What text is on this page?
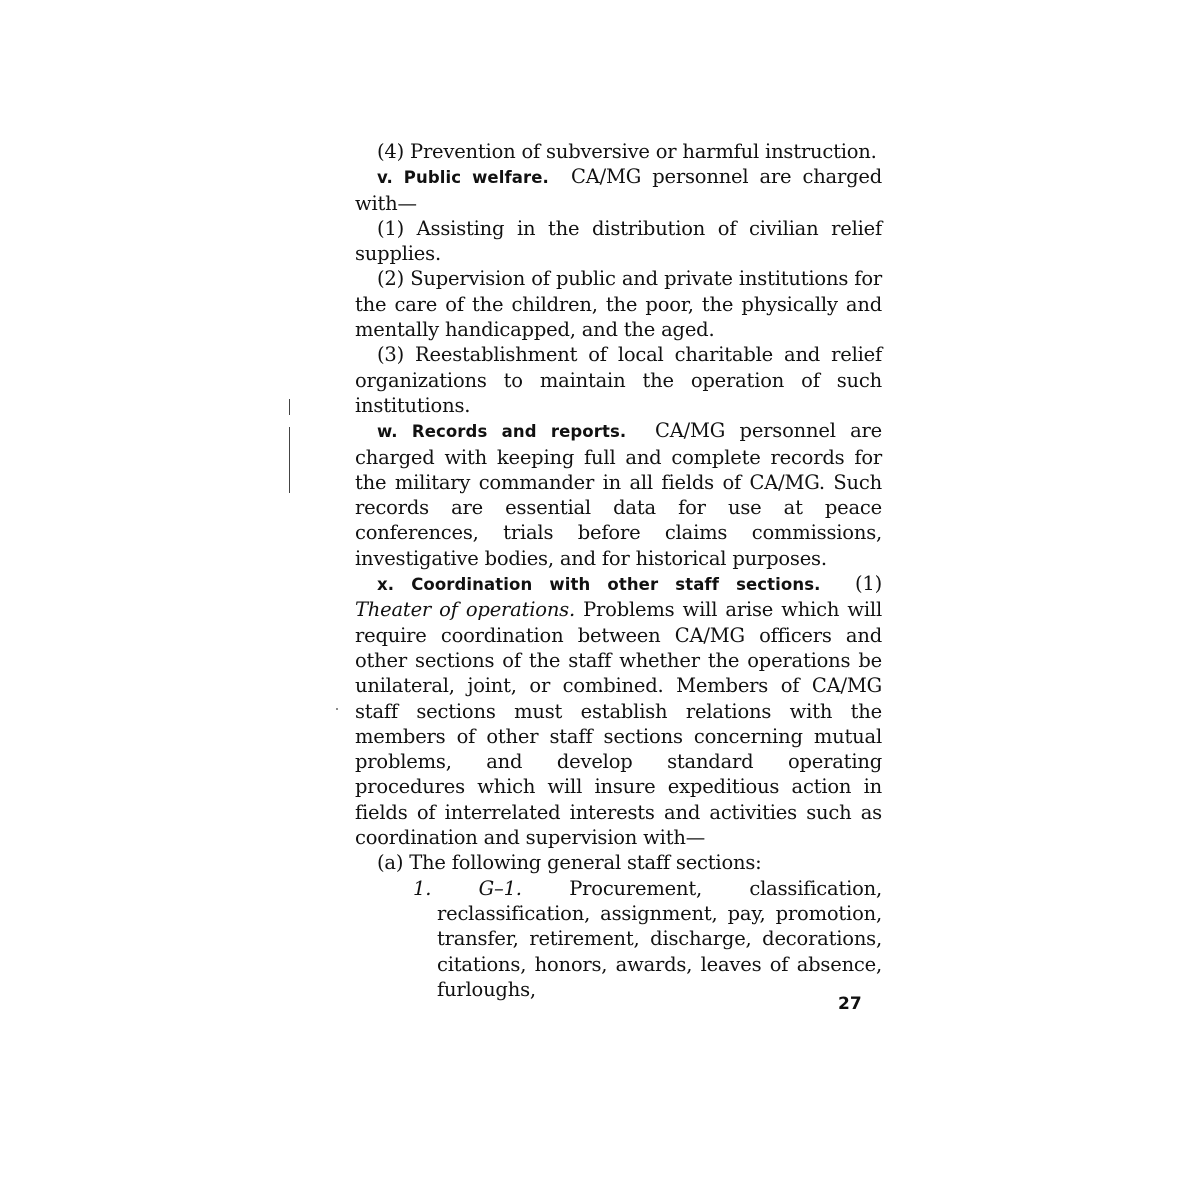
(4) Prevention of subversive or harmful instruction.

v. Public welfare. CA/MG personnel are charged with—

(1) Assisting in the distribution of civilian relief supplies.

(2) Supervision of public and private institutions for the care of the children, the poor, the physically and mentally handicapped, and the aged.

(3) Reestablishment of local charitable and relief organizations to maintain the operation of such institutions.

w. Records and reports. CA/MG personnel are charged with keeping full and complete records for the military commander in all fields of CA/MG. Such records are essential data for use at peace conferences, trials before claims commissions, investigative bodies, and for historical purposes.

x. Coordination with other staff sections. (1) Theater of operations. Problems will arise which will require coordination between CA/MG officers and other sections of the staff whether the operations be unilateral, joint, or combined. Members of CA/MG staff sections must establish relations with the members of other staff sections concerning mutual problems, and develop standard operating procedures which will insure expeditious action in fields of interrelated interests and activities such as coordination and supervision with—

(a) The following general staff sections:

1. G–1. Procurement, classification, reclassification, assignment, pay, promotion, transfer, retirement, discharge, decorations, citations, honors, awards, leaves of absence, furloughs,

27
